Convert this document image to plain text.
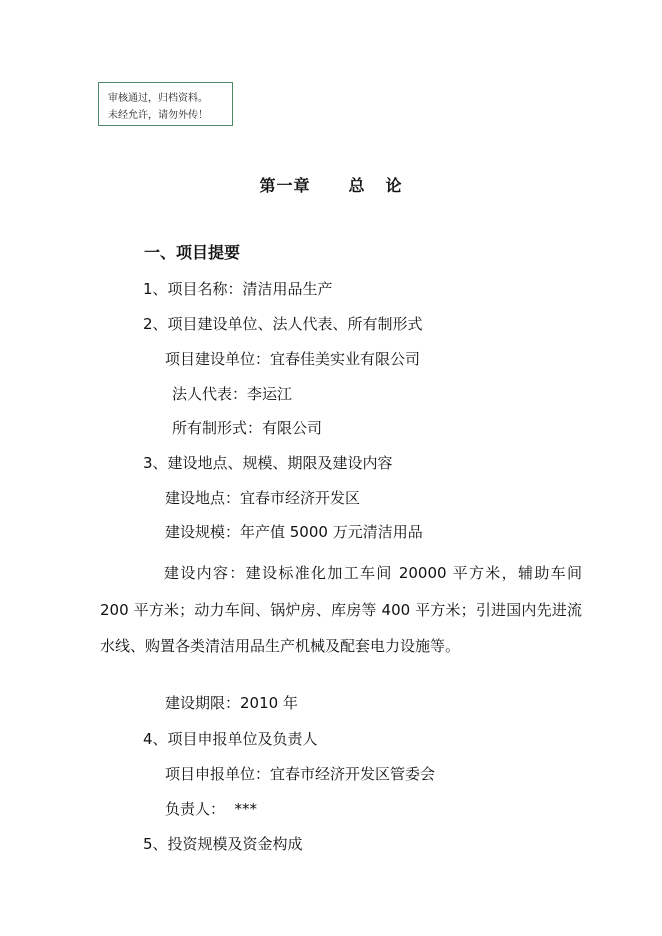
审核通过，归档资料。
未经允许，请勿外传！
第一章 总 论
一、项目提要
1、项目名称：清洁用品生产
2、项目建设单位、法人代表、所有制形式
项目建设单位：宜春佳美实业有限公司
法人代表：李运江
所有制形式：有限公司
3、建设地点、规模、期限及建设内容
建设地点：宜春市经济开发区
建设规模：年产值 5000 万元清洁用品
建设内容：建设标准化加工车间 20000 平方米，辅助车间 200 平方米；动力车间、锅炉房、库房等 400 平方米；引进国内先进流水线、购置各类清洁用品生产机械及配套电力设施等。
建设期限：2010 年
4、项目申报单位及负责人
项目申报单位：宜春市经济开发区管委会
负责人：  ***
5、投资规模及资金构成
